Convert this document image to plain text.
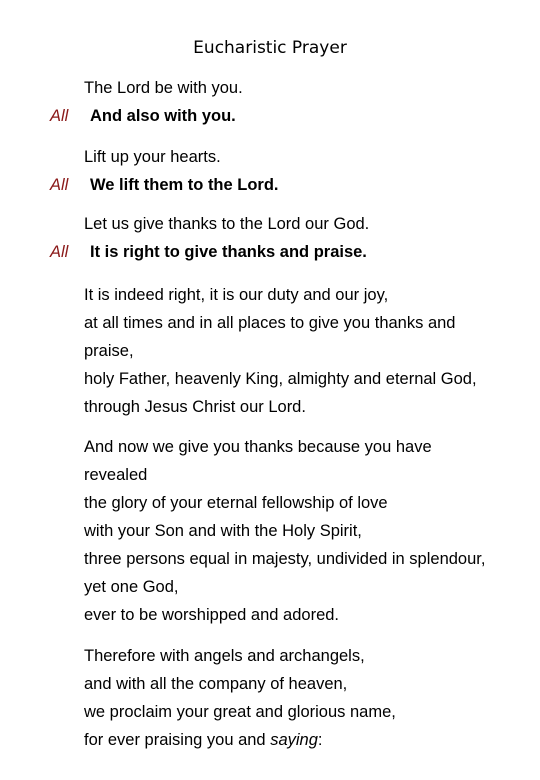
Eucharistic Prayer
The Lord be with you.
All And also with you.
Lift up your hearts.
All We lift them to the Lord.
Let us give thanks to the Lord our God.
All It is right to give thanks and praise.
It is indeed right, it is our duty and our joy,
at all times and in all places to give you thanks and
praise,
holy Father, heavenly King, almighty and eternal God,
through Jesus Christ our Lord.
And now we give you thanks because you have
revealed
the glory of your eternal fellowship of love
with your Son and with the Holy Spirit,
three persons equal in majesty, undivided in splendour,
yet one God,
ever to be worshipped and adored.
Therefore with angels and archangels,
and with all the company of heaven,
we proclaim your great and glorious name,
for ever praising you and saying:
